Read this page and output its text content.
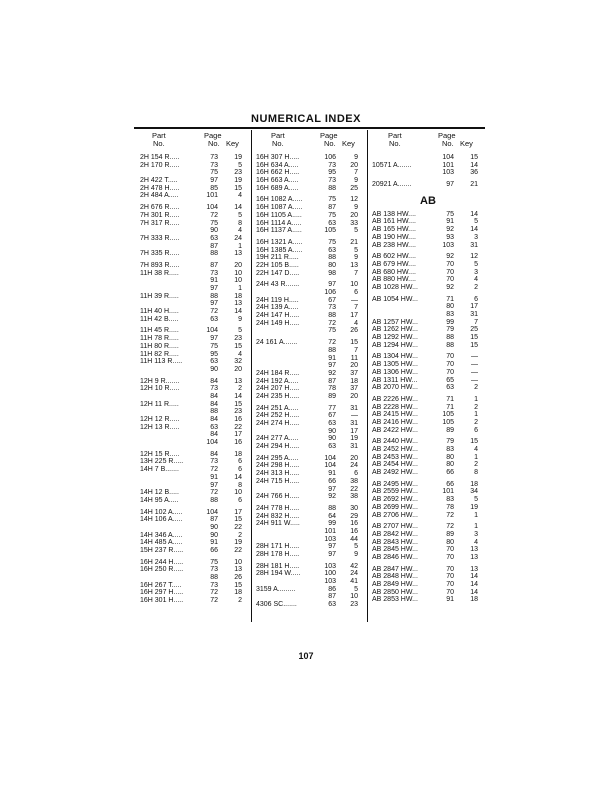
NUMERICAL INDEX
Part
No.
Page
No. Key
2H 154 R.....	73	19
2H 170 R.....	73	5
75	23
2H 422 T.....	97	19
2H 478 H.....	85	15
2H 484 A.....	101	4
2H 676 R.....	104	14
7H 301 R.....	72	5
7H 317 R.....	75	8
90	4
7H 333 R.....	63	24
87	1
7H 335 R.....	88	13
7H 893 R.....	87	20
11H 38 R.....	73	10
91	10
97	1
11H 39 R.....	88	18
97	13
11H 40 H.....	72	14
11H 42 B.....	63	9
11H 45 R.....	104	5
11H 78 R.....	97	23
11H 80 R.....	75	15
11H 82 R.....	95	4
11H 113 R.....	63	32
90	20
12H 9 R.......	84	13
12H 10 R.....	73	2
84	14
12H 11 R.....	84	15
88	23
12H 12 R.....	84	16
12H 13 R.....	63	22
84	17
104	16
12H 15 R.....	84	18
13H 225 R.....	73	6
14H 7 B.......	72	6
91	14
97	8
14H 12 B.....	72	10
14H 95 A.....	88	6
14H 102 A.....	104	17
14H 106 A.....	87	15
90	22
14H 346 A.....	90	2
14H 485 A.....	91	19
15H 237 R.....	66	22
16H 244 H.....	75	10
16H 250 R.....	73	13
88	26
16H 267 T.....	73	15
16H 297 H.....	72	18
16H 301 H.....	72	2
Part
No.
Page
No. Key
16H 307 H.....	106	9
16H 634 A.....	73	20
16H 662 H.....	95	7
16H 663 A.....	73	9
16H 689 A.....	88	25
16H 1082 A.....	75	12
16H 1087 A.....	87	9
16H 1105 A.....	75	20
16H 1114 A.....	63	33
16H 1137 A.....	105	5
16H 1321 A.....	75	21
16H 1385 A.....	63	5
19H 211 R.....	88	9
22H 105 B.....	80	13
22H 147 D.....	98	7
24H 43 R.......	97	10
106	6
24H 119 H.....	67	—
24H 139 A.....	73	7
24H 147 H.....	88	17
24H 149 H.....	72	4
75	26
24 161 A.......	72	15
88	7
91	11
97	20
24H 184 R.....	92	37
24H 192 A.....	87	18
24H 207 H.....	78	37
24H 235 H.....	89	20
24H 251 A.....	77	31
24H 252 H.....	67	—
24H 274 H.....	63	31
90	17
24H 277 A.....	90	19
24H 294 H.....	63	31
24H 295 A.....	104	20
24H 298 H.....	104	24
24H 313 H.....	91	6
24H 715 H.....	66	38
97	22
24H 766 H.....	92	38
24H 778 H.....	88	30
24H 832 H.....	64	29
24H 911 W.....	99	16
101	16
103	44
28H 171 H.....	97	5
28H 178 H.....	97	9
28H 181 H.....	103	42
28H 194 W.....	100	24
103	41
3159 A.........	86	5
87	10
4306 SC.......	63	23
Part
No.
Page
No. Key
104	15
10571 A.......	101	14
103	36
20921 A.......	97	21
AB
AB 138 HW....	75	14
AB 161 HW....	91	5
AB 165 HW....	92	14
AB 190 HW....	93	3
AB 238 HW....	103	31
AB 602 HW....	92	12
AB 679 HW....	70	5
AB 680 HW....	70	3
AB 880 HW....	70	4
AB 1028 HW...	92	2
AB 1054 HW...	71	6
80	17
83	31
AB 1257 HW...	99	7
AB 1262 HW...	79	25
AB 1292 HW...	88	15
AB 1294 HW...	88	15
AB 1304 HW...	70	—
AB 1305 HW...	70	—
AB 1306 HW...	70	—
AB 1311 HW...	65	—
AB 2070 HW...	63	2
AB 2226 HW...	71	1
AB 2228 HW...	71	2
AB 2415 HW...	105	1
AB 2416 HW...	105	2
AB 2422 HW...	89	6
AB 2440 HW...	79	15
AB 2452 HW...	83	4
AB 2453 HW...	80	1
AB 2454 HW...	80	2
AB 2492 HW...	66	8
AB 2495 HW...	66	18
AB 2559 HW...	101	34
AB 2692 HW...	83	5
AB 2699 HW...	78	19
AB 2706 HW...	72	1
AB 2707 HW...	72	1
AB 2842 HW...	89	3
AB 2843 HW...	80	4
AB 2845 HW...	70	13
AB 2846 HW...	70	13
AB 2847 HW...	70	13
AB 2848 HW...	70	14
AB 2849 HW...	70	14
AB 2850 HW...	70	14
AB 2853 HW...	91	18
107
